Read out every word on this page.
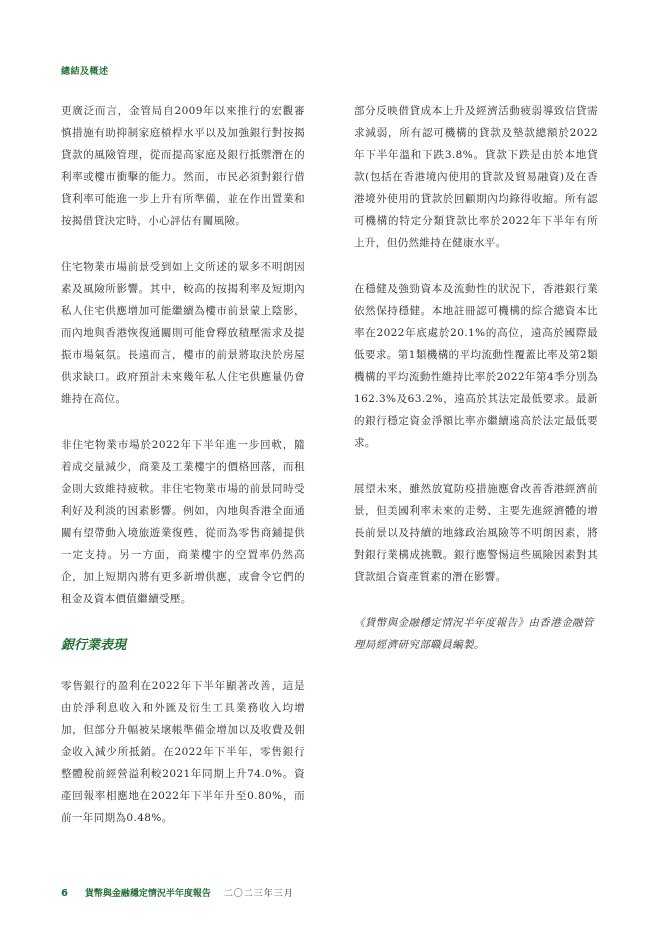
總結及概述

更廣泛而言，金管局自2009年以來推行的宏觀審慎措施有助抑制家庭槓桿水平以及加強銀行對按揭貸款的風險管理，從而提高家庭及銀行抵禦潛在的利率或樓市衝擊的能力。然而，市民必須對銀行借貸利率可能進一步上升有所準備，並在作出置業和按揭借貸決定時，小心評估有關風險。

住宅物業市場前景受到如上文所述的眾多不明朗因素及風險所影響。其中，較高的按揭利率及短期內私人住宅供應增加可能繼續為樓市前景蒙上陰影，而內地與香港恢復通關則可能會釋放積壓需求及提振市場氣氛。長遠而言，樓市的前景將取決於房屋供求缺口。政府預計未來幾年私人住宅供應量仍會維持在高位。

非住宅物業市場於2022年下半年進一步回軟，隨着成交量減少，商業及工業樓宇的價格回落，而租金則大致維持疲軟。非住宅物業市場的前景同時受利好及利淡的因素影響。例如，內地與香港全面通關有望帶動入境旅遊業復甦，從而為零售商鋪提供一定支持。另一方面，商業樓宇的空置率仍然高企，加上短期內將有更多新增供應，或會令它們的租金及資本價值繼續受壓。

銀行業表現

零售銀行的盈利在2022年下半年顯著改善，這是由於淨利息收入和外匯及衍生工具業務收入均增加，但部分升幅被呆壞帳準備金增加以及收費及佣金收入減少所抵銷。在2022年下半年，零售銀行整體稅前經營溢利較2021年同期上升74.0%。資產回報率相應地在2022年下半年升至0.80%，而前一年同期為0.48%。

部分反映借貸成本上升及經濟活動疲弱導致信貸需求減弱，所有認可機構的貸款及墊款總額於2022年下半年溫和下跌3.8%。貸款下跌是由於本地貸款(包括在香港境內使用的貸款及貿易融資)及在香港境外使用的貸款於回顧期內均錄得收縮。所有認可機構的特定分類貸款比率於2022年下半年有所上升，但仍然維持在健康水平。

在穩健及強勁資本及流動性的狀況下，香港銀行業依然保持穩健。本地註冊認可機構的綜合總資本比率在2022年底處於20.1%的高位，遠高於國際最低要求。第1類機構的平均流動性覆蓋比率及第2類機構的平均流動性維持比率於2022年第4季分別為162.3%及63.2%，遠高於其法定最低要求。最新的銀行穩定資金淨額比率亦繼續遠高於法定最低要求。

展望未來，雖然放寬防疫措施應會改善香港經濟前景，但美國利率未來的走勢、主要先進經濟體的增長前景以及持續的地緣政治風險等不明朗因素，將對銀行業構成挑戰。銀行應警惕這些風險因素對其貸款組合資產質素的潛在影響。

《貨幣與金融穩定情況半年度報告》由香港金融管理局經濟研究部職員編製。

6 貨幣與金融穩定情況半年度報告 二〇二三年三月
